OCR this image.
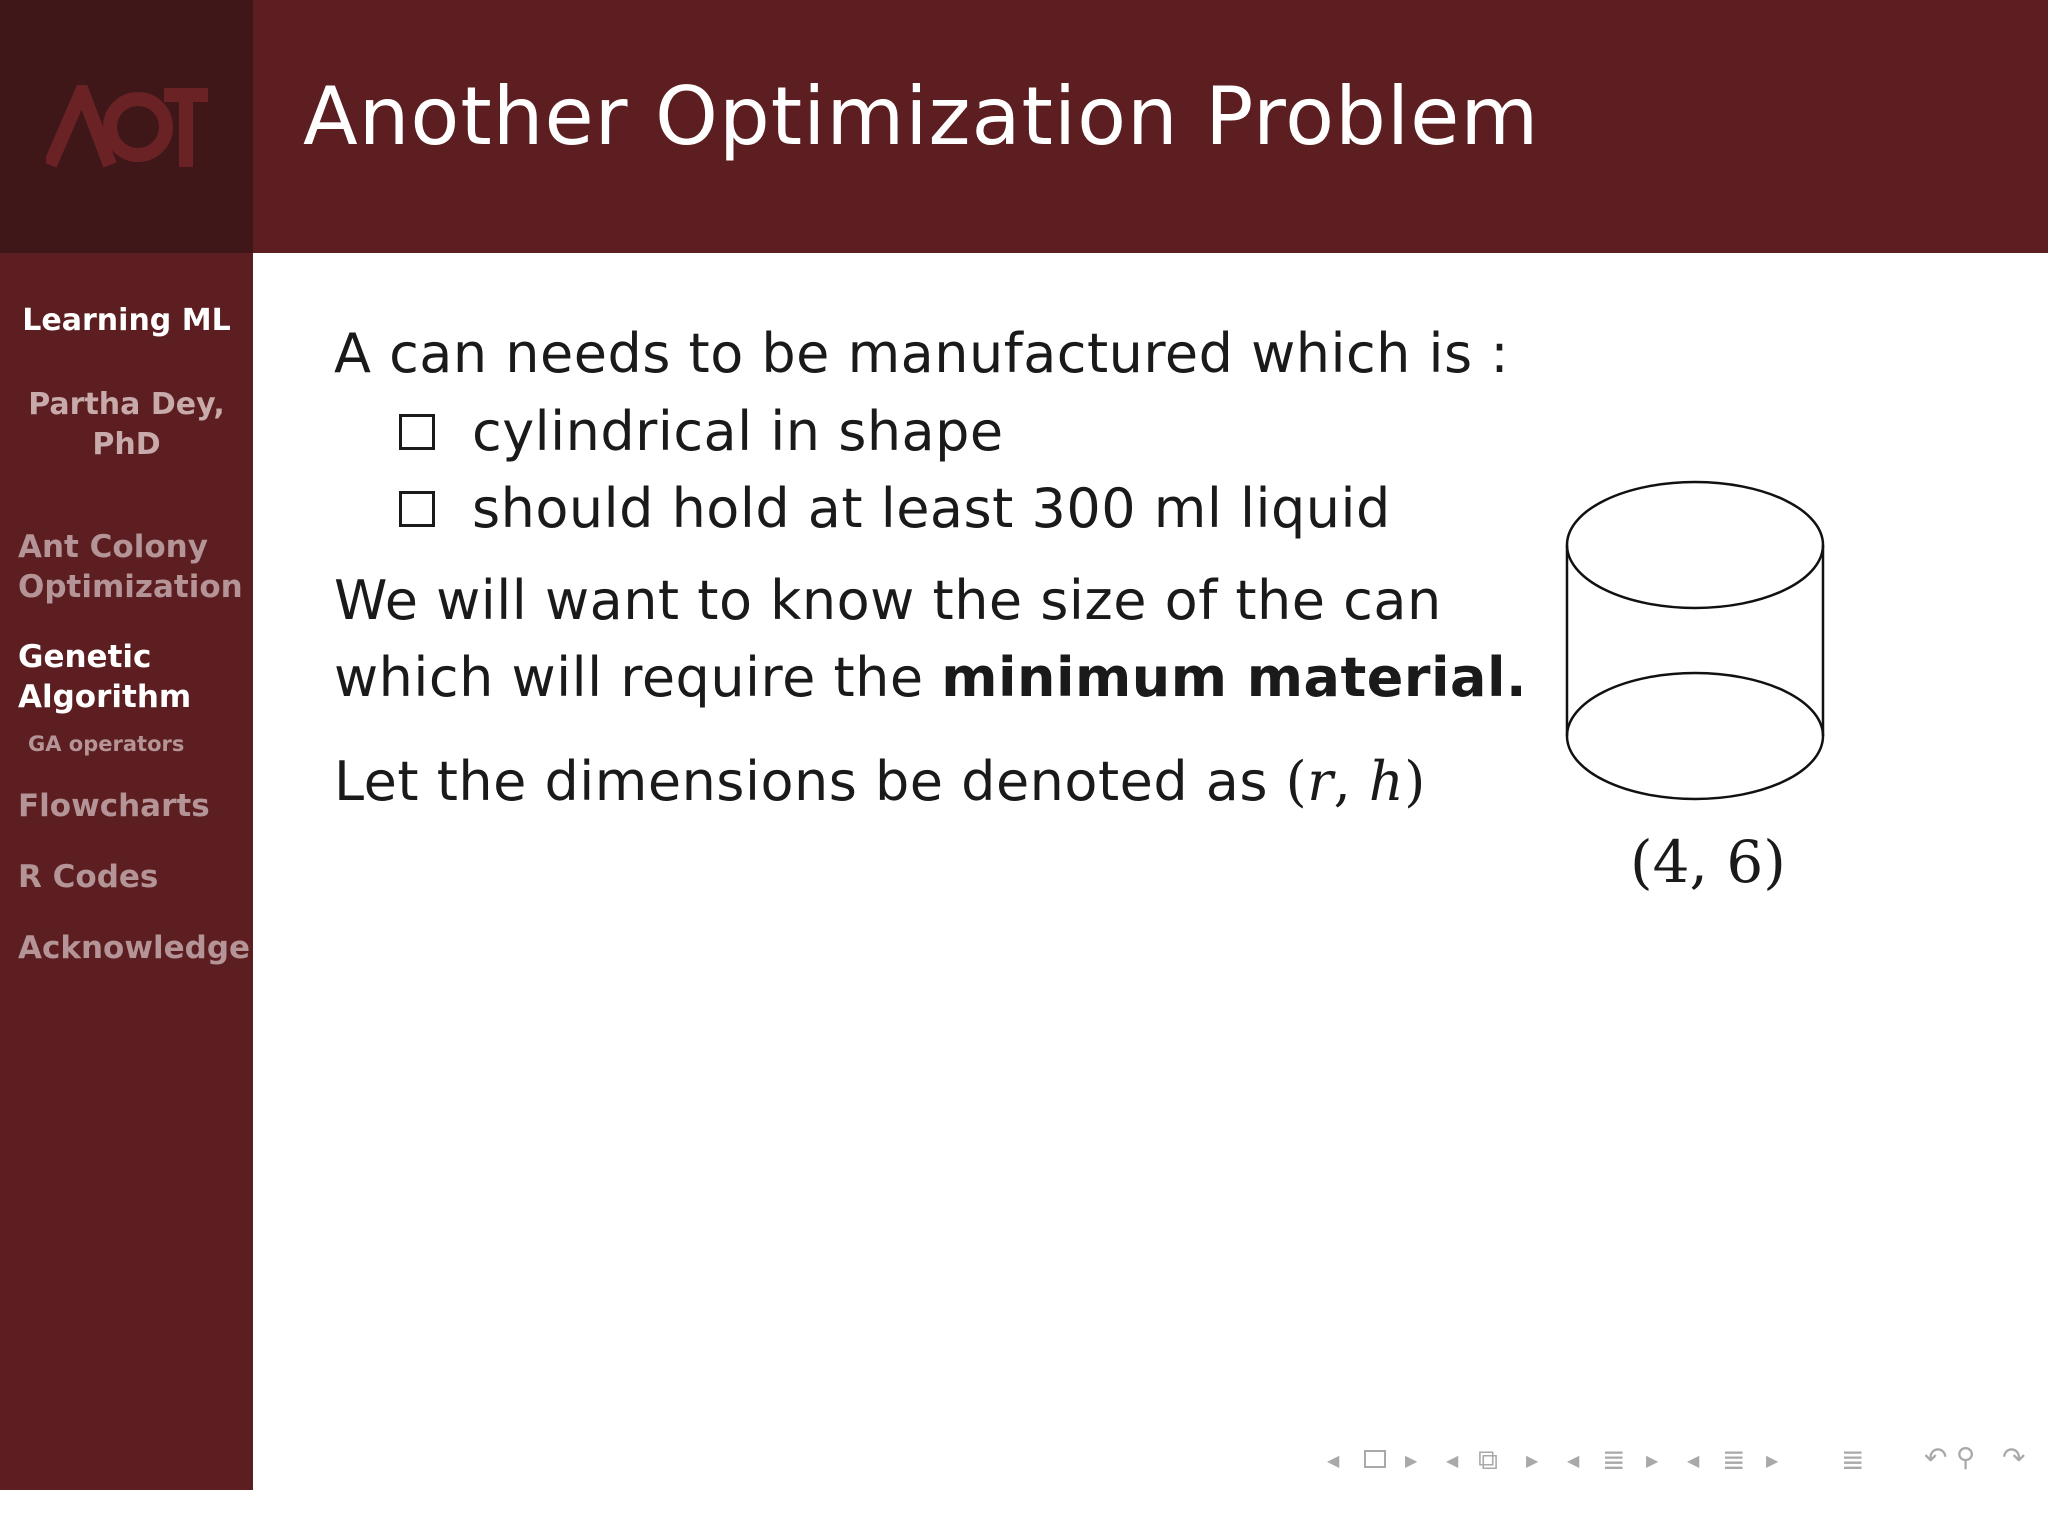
Another Optimization Problem
Learning ML
Partha Dey,
PhD
Ant Colony
Optimization
Genetic
Algorithm
GA operators
Flowcharts
R Codes
Acknowledge
A can needs to be manufactured which is :
cylindrical in shape
should hold at least 300 ml liquid
We will want to know the size of the can
which will require the minimum material.
Let the dimensions be denoted as (r, h)
(4, 6)
◀	▶ ◀ ⧉ ▶ ◀ ≣ ▶ ◀ ≣ ▶ ≣ ↶ ⚲ ↷
